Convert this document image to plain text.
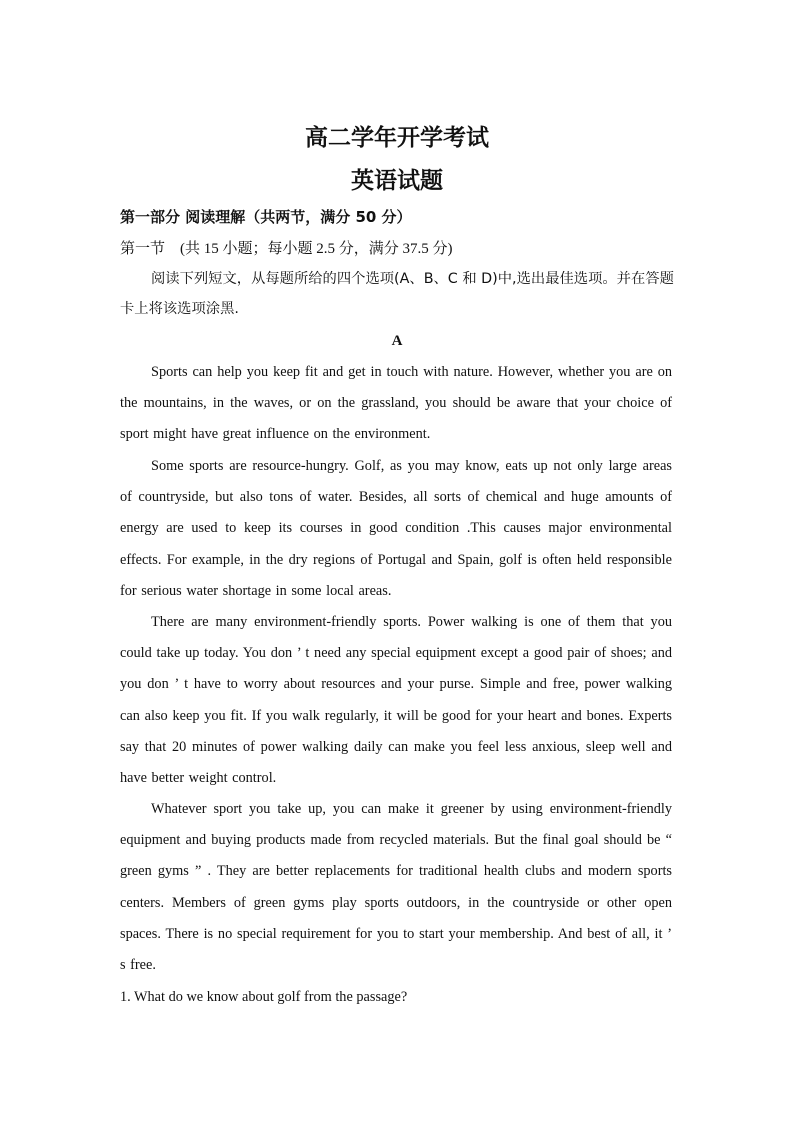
高二学年开学考试
英语试题
第一部分 阅读理解（共两节，满分 50 分）
第一节　(共 15 小题；每小题 2.5 分，满分 37.5 分)
阅读下列短文，从每题所给的四个选项(A、B、C 和 D)中,选出最佳选项。并在答题卡上将该选项涂黑.
A
Sports can help you keep fit and get in touch with nature. However, whether you are on the mountains, in the waves, or on the grassland, you should be aware that your choice of sport might have great influence on the environment.
Some sports are resource-hungry. Golf, as you may know, eats up not only large areas of countryside, but also tons of water. Besides, all sorts of chemical and huge amounts of energy are used to keep its courses in good condition .This causes major environmental effects. For example, in the dry regions of Portugal and Spain, golf is often held responsible for serious water shortage in some local areas.
There are many environment-friendly sports. Power walking is one of them that you could take up today. You don ’ t need any special equipment except a good pair of shoes; and you don ’ t have to worry about resources and your purse. Simple and free, power walking can also keep you fit. If you walk regularly, it will be good for your heart and bones. Experts say that 20 minutes of power walking daily can make you feel less anxious, sleep well and have better weight control.
Whatever sport you take up, you can make it greener by using environment-friendly equipment and buying products made from recycled materials. But the final goal should be “ green gyms ” . They are better replacements for traditional health clubs and modern sports centers. Members of green gyms play sports outdoors, in the countryside or other open spaces. There is no special requirement for you to start your membership. And best of all, it ’ s free.
1. What do we know about golf from the passage?
